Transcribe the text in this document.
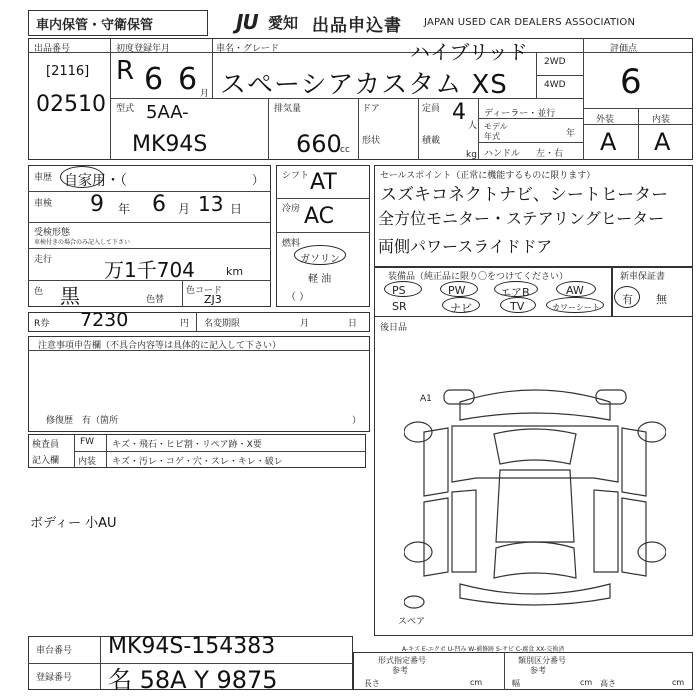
車内保管・守衛保管	JU 愛知 出品申込書 JAPAN USED CAR DEALERS ASSOCIATION
出品番号
[2116]
02510
初度登録年月
R 6 6 月
車名・グレード	ハイブリッド
スペーシアカスタム XS
2WD
4WD
評価点
6
外装	内装
A A
型式 5AA-
MK94S
排気量
660
cc
ドア
形状
定員 4
人
積載
kg
ディーラー・並行
モデル
年式	年
ハンドル 左・右
車歴 自家用・（	）
車検 9 年 6 月 13 日
受検形態
車検付きの場合のみ記入して下さい
走行	万1千704	km
色 黒	色替
色コード
ZJ3
シフト AT
冷房 AC
燃料
ガソリン
軽 油
（ ）
セールスポイント（正常に機能するものに限ります）
スズキコネクトナビ、シートヒーター
全方位モニター・ステアリングヒーター
両側パワースライドドア
装備品（純正品に限り〇をつけてください）
PS	PW	エアB	AW
SR	ナビ	TV	カワーシート
新車保証書
有 無
R券 7230	円 名変期限	月	日
注意事項申告欄（不具合内容等は具体的に記入して下さい）
修復歴　有（箇所	）
検査員
記入欄
FW キズ・飛石・ヒビ割・リペア跡・X要
内装 キズ・汚レ・コゲ・穴・スレ・キレ・破レ
ボディー 小AU
後日品
A1
スペア
A-キズ E-エクボ U-凹み W-補修跡 S-サビ C-腐食 XX-交換済
車台番号 MK94S-154383
登録番号 名 58A Y 9875
形式指定番号
参考
類別区分番号
参考
長さ	cm	幅	cm 高さ	cm
